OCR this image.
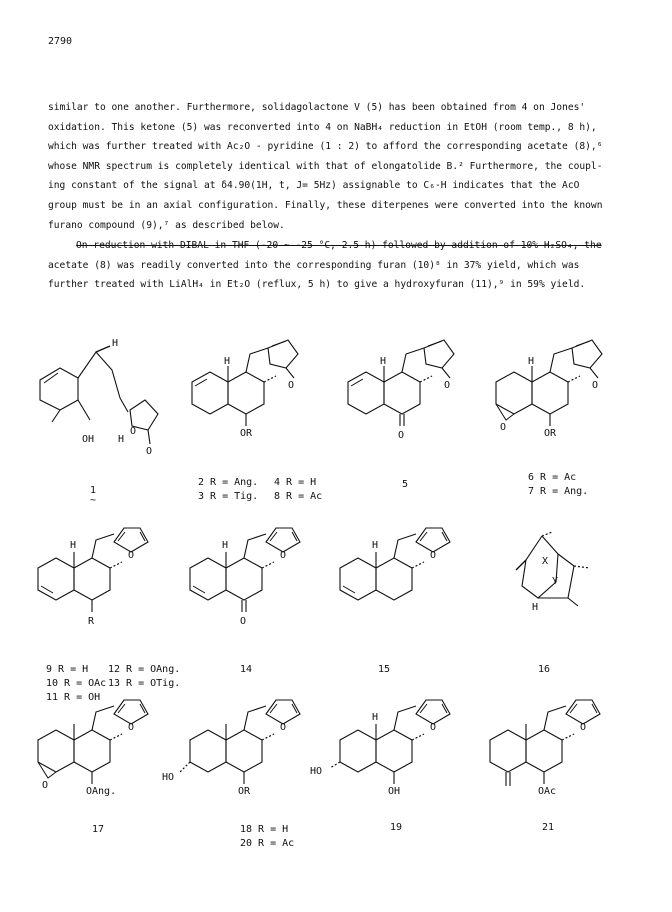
2790
similar to one another. Furthermore, solidagolactone V (5) has been obtained from 4 on Jones'
oxidation. This ketone (5) was reconverted into 4 on NaBH₄ reduction in EtOH (room temp., 8 h),
which was further treated with Ac₂O - pyridine (1 : 2) to afford the corresponding acetate (8),⁶
whose NMR spectrum is completely identical with that of elongatolide B.² Furthermore, the coupl-
ing constant of the signal at δ4.90(1H, t, J= 5Hz) assignable to C₆-H indicates that the AcO
group must be in an axial configuration. Finally, these diterpenes were converted into the known
furano compound (9),⁷ as described below.
On reduction with DIBAL in THF (-20 ~ -25 °C, 2.5 h) followed by addition of 10% H₂SO₄, the
acetate (8) was readily converted into the corresponding furan (10)⁸ in 37% yield, which was
further treated with LiAlH₄ in Et₂O (reflux, 5 h) to give a hydroxyfuran (11),⁹ in 59% yield.
H
OH H
O
O
H
OR
O
H
O
O
H
O
OR
O
1
~
2 R = Ang. 4 R = H
3 R = Tig. 8 R = Ac
5
6 R = Ac
7 R = Ang.
H
R
O
H
O
O
H
O
X
Y
H
9 R = H 12 R = OAng.
10 R = OAc 13 R = OTig.
11 R = OH
14	15	16
O
OAng.
O
HO
OR
O
H
HO
OH
O
OAc
O
17	18 R = H
20 R = Ac
19	21
